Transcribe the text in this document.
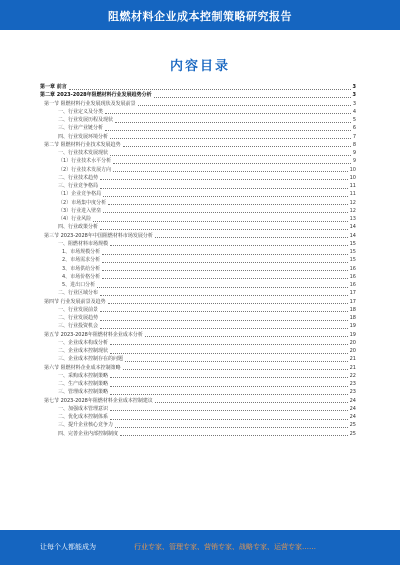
阻燃材料企业成本控制策略研究报告
内容目录
第一章 前言	3
第二章 2023-2028年阻燃材料行业发展趋势分析	3
第一节 阻燃材料行业发展现状及发展前景	3
一、行业定义及分类	4
二、行业发展历程及现状	5
三、行业产业链分析	6
四、行业发展环境分析	7
第二节 阻燃材料行业技术发展趋势	8
一、行业技术发展现状	9
（1）行业技术水平分析	9
（2）行业技术发展方向	10
二、行业技术趋势	10
三、行业竞争格局	11
（1）企业竞争格局	11
（2）市场集中度分析	12
（3）行业进入壁垒	12
（4）行业风险	13
四、行业政策分析	14
第三节 2023-2028年中国阻燃材料市场发展分析	14
一、阻燃材料市场规模	15
1、市场规模分析	15
2、市场需求分析	15
3、市场供给分析	16
4、市场价格分析	16
5、进出口分析	16
二、行业区域分布	17
第四节 行业发展前景及趋势	17
一、行业发展前景	18
二、行业发展趋势	18
三、行业投资机会	19
第五节 2023-2028年阻燃材料企业成本分析	19
一、企业成本构成分析	20
二、企业成本控制现状	20
三、企业成本控制存在的问题	21
第六节 阻燃材料企业成本控制策略	21
一、采购成本控制策略	22
二、生产成本控制策略	23
三、管理成本控制策略	23
第七节 2023-2028年阻燃材料企业成本控制建议	24
一、加强成本管理意识	24
二、优化成本控制体系	24
三、提升企业核心竞争力	25
四、完善企业内部控制制度	25
让每个人都能成为	行业专家、管理专家、营销专家、战略专家、运营专家……
